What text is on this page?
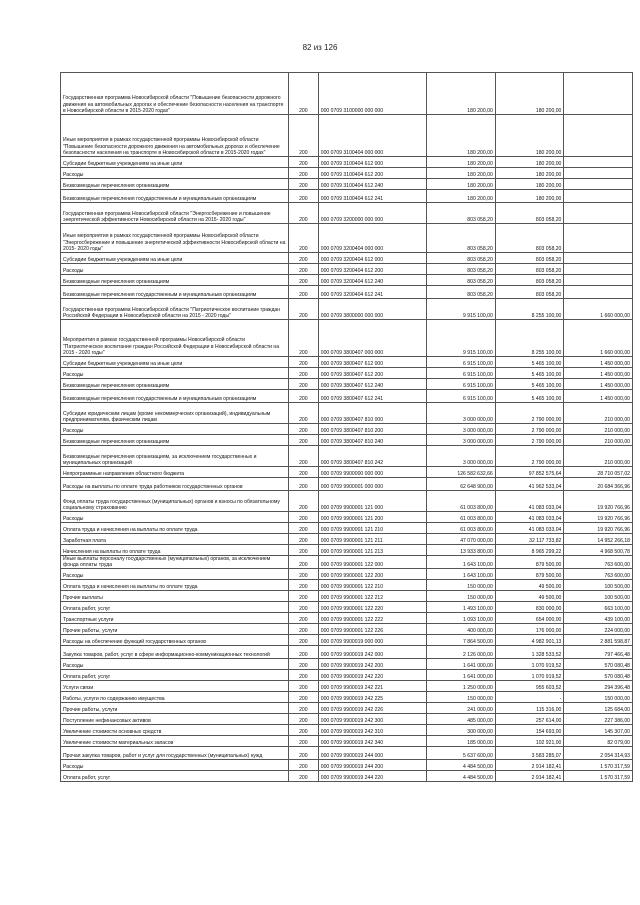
82 из 126
Государственная программа Новосибирской области "Повышение безопасности дорожного движения на автомобильных дорогах и обеспечение безопасности населения на транспорте в Новосибирской области в 2015-2020 годах"	200	000 0709 3100000 000 000	180 200,00	180 200,00	
Иные мероприятия в рамках государственной программы Новосибирской области "Повышение безопасности дорожного движения на автомобильных дорогах и обеспечение безопасности населения на транспорте в Новосибирской области в 2015-2020 годах"	200	000 0709 3100404 000 000	180 200,00	180 200,00	
Субсидии бюджетным учреждениям на иные цели	200	000 0709 3100404 612 000	180 200,00	180 200,00	
Расходы	200	000 0709 3100404 612 200	180 200,00	180 200,00	
Безвозмездные перечисления организациям	200	000 0709 3100404 612 240	180 200,00	180 200,00	
Безвозмездные перечисления государственным и муниципальным организациям	200	000 0709 3100404 612 241	180 200,00	180 200,00	
Государственная программа Новосибирской области "Энергосбережение и повышение энергетической эффективности Новосибирской области на 2015- 2020 годы"	200	000 0709 3200000 000 000	803 058,20	803 058,20	
Иные мероприятия в рамках государственной программы Новосибирской области "Энергосбережение и повышение энергетической эффективности Новосибирской области на 2015- 2020 годы"	200	000 0709 3200404 000 000	803 058,20	803 058,20	
Субсидии бюджетным учреждениям на иные цели	200	000 0709 3200404 612 000	803 058,20	803 058,20	
Расходы	200	000 0709 3200404 612 200	803 058,20	803 058,20	
Безвозмездные перечисления организациям	200	000 0709 3200404 612 240	803 058,20	803 058,20	
Безвозмездные перечисления государственным и муниципальным организациям	200	000 0709 3200404 612 241	803 058,20	803 058,20	
Государственная программа Новосибирской области "Патриотическое воспитание граждан Российской Федерации в Новосибирской области на 2015 - 2020 годы"	200	000 0709 3800000 000 000	9 915 100,00	8 255 100,00	1 660 000,00
Мероприятия в рамках государственной программы Новосибирской области "Патриотическое воспитание граждан Российской Федерации в Новосибирской области на 2015 - 2020 годы"	200	000 0709 3800407 000 000	9 915 100,00	8 255 100,00	1 660 000,00
Субсидии бюджетным учреждениям на иные цели	200	000 0709 3800407 612 000	6 915 100,00	5 465 100,00	1 450 000,00
Расходы	200	000 0709 3800407 612 200	6 915 100,00	5 465 100,00	1 450 000,00
Безвозмездные перечисления организациям	200	000 0709 3800407 612 240	6 915 100,00	5 465 100,00	1 450 000,00
Безвозмездные перечисления государственным и муниципальным организациям	200	000 0709 3800407 612 241	6 915 100,00	5 465 100,00	1 450 000,00
Субсидии юридическим лицам (кроме некоммерческих организаций), индивидуальным предпринимателям, физическим лицам	200	000 0709 3800407 810 000	3 000 000,00	2 790 000,00	210 000,00
Расходы	200	000 0709 3800407 810 200	3 000 000,00	2 790 000,00	210 000,00
Безвозмездные перечисления организациям	200	000 0709 3800407 810 240	3 000 000,00	2 790 000,00	210 000,00
Безвозмездные перечисления организациям, за исключением государственных и муниципальных организаций	200	000 0709 3800407 810 242	3 000 000,00	2 790 000,00	210 000,00
Непрограммные направления областного бюджета	200	000 0709 9900000 000 000	126 582 632,66	97 852 575,64	28 710 057,02
Расходы на выплаты по оплате труда работников государственных органов	200	000 0709 9900001 000 000	62 648 900,00	41 962 533,04	20 684 366,96
Фонд оплаты труда государственных (муниципальных) органов и взносы по обязательному социальному страхованию	200	000 0709 9900001 121 000	61 003 800,00	41 083 033,04	19 920 766,96
Расходы	200	000 0709 9900001 121 200	61 003 800,00	41 083 033,04	19 920 766,96
Оплата труда и начисления на выплаты по оплате труда	200	000 0709 9900001 121 210	61 003 800,00	41 083 033,04	19 920 766,96
Заработная плата	200	000 0709 9900001 121 211	47 070 000,00	32 117 733,82	14 952 266,18
Начисления на выплаты по оплате труда	200	000 0709 9900001 121 213	13 933 800,00	8 965 299,22	4 968 500,78
Иные выплаты персоналу государственных (муниципальных) органов, за исключением фонда оплаты труда	200	000 0709 9900001 122 000	1 643 100,00	879 500,00	763 600,00
Расходы	200	000 0709 9900001 122 200	1 643 100,00	879 500,00	763 600,00
Оплата труда и начисления на выплаты по оплате труда	200	000 0709 9900001 122 210	150 000,00	49 500,00	100 500,00
Прочие выплаты	200	000 0709 9900001 122 212	150 000,00	49 500,00	100 500,00
Оплата работ, услуг	200	000 0709 9900001 122 220	1 493 100,00	830 000,00	663 100,00
Транспортные услуги	200	000 0709 9900001 122 222	1 093 100,00	654 000,00	439 100,00
Прочие работы, услуги	200	000 0709 9900001 122 226	400 000,00	176 000,00	224 000,00
Расходы на обеспечение функций государственных органов	200	000 0709 9900019 000 000	7 864 500,00	4 982 901,13	2 881 598,87
Закупка товаров, работ, услуг в сфере информационно-коммуникационных технологий	200	000 0709 9900019 242 000	2 126 000,00	1 328 533,52	797 466,48
Расходы	200	000 0709 9900019 242 200	1 641 000,00	1 070 919,52	570 080,48
Оплата работ, услуг	200	000 0709 9900019 242 220	1 641 000,00	1 070 919,52	570 080,48
Услуги связи	200	000 0709 9900019 242 221	1 250 000,00	955 603,52	294 396,48
Работы, услуги по содержанию имущества	200	000 0709 9900019 242 225	150 000,00	-	150 000,00
Прочие работы, услуги	200	000 0709 9900019 242 226	241 000,00	115 316,00	125 684,00
Поступление нефинансовых активов	200	000 0709 9900019 242 300	485 000,00	257 614,00	227 386,00
Увеличение стоимости основных средств	200	000 0709 9900019 242 310	300 000,00	154 693,00	145 307,00
Увеличение стоимости материальных запасов	200	000 0709 9900019 242 340	185 000,00	102 921,00	82 079,00
Прочая закупка товаров, работ и услуг для государственных (муниципальных) нужд	200	000 0709 9900019 244 000	5 637 600,00	3 583 285,07	2 054 314,93
Расходы	200	000 0709 9900019 244 200	4 484 500,00	2 914 182,41	1 570 317,59
Оплата работ, услуг	200	000 0709 9900019 244 220	4 484 500,00	2 914 182,41	1 570 317,59
